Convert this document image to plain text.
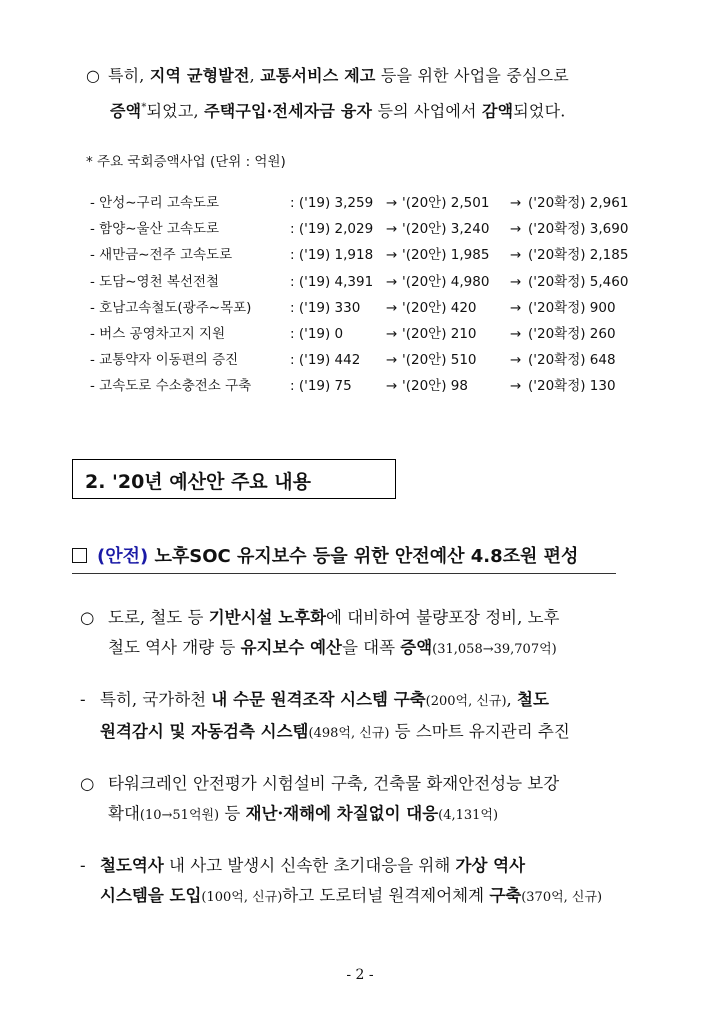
○ 특히, 지역 균형발전, 교통서비스 제고 등을 위한 사업을 중심으로
증액*되었고, 주택구입·전세자금 융자 등의 사업에서 감액되었다.
* 주요 국회증액사업 (단위 : 억원)
- 안성∼구리 고속도로	: ('19) 3,259 → '(20안) 2,501 → ('20확정) 2,961
- 함양∼울산 고속도로	: ('19) 2,029 → '(20안) 3,240 → ('20확정) 3,690
- 새만금∼전주 고속도로	: ('19) 1,918 → '(20안) 1,985 → ('20확정) 2,185
- 도담∼영천 복선전철	: ('19) 4,391 → '(20안) 4,980 → ('20확정) 5,460
- 호남고속철도(광주∼목포)	: ('19) 330 → '(20안) 420 → ('20확정) 900
- 버스 공영차고지 지원	: ('19) 0	→ '(20안) 210 → ('20확정) 260
- 교통약자 이동편의 증진	: ('19) 442 → '(20안) 510 → ('20확정) 648
- 고속도로 수소충전소 구축	: ('19) 75	→ '(20안) 98	→ ('20확정) 130
2. '20년 예산안 주요 내용
(안전) 노후SOC 유지보수 등을 위한 안전예산 4.8조원 편성
○ 도로, 철도 등 기반시설 노후화에 대비하여 불량포장 정비, 노후
철도 역사 개량 등 유지보수 예산을 대폭 증액(31,058→39,707억)
- 특히, 국가하천 내 수문 원격조작 시스템 구축(200억, 신규), 철도
원격감시 및 자동검측 시스템(498억, 신규) 등 스마트 유지관리 추진
○ 타워크레인 안전평가 시험설비 구축, 건축물 화재안전성능 보강
확대(10→51억원) 등 재난·재해에 차질없이 대응(4,131억)
- 철도역사 내 사고 발생시 신속한 초기대응을 위해 가상 역사
시스템을 도입(100억, 신규)하고 도로터널 원격제어체계 구축(370억, 신규)
- 2 -
